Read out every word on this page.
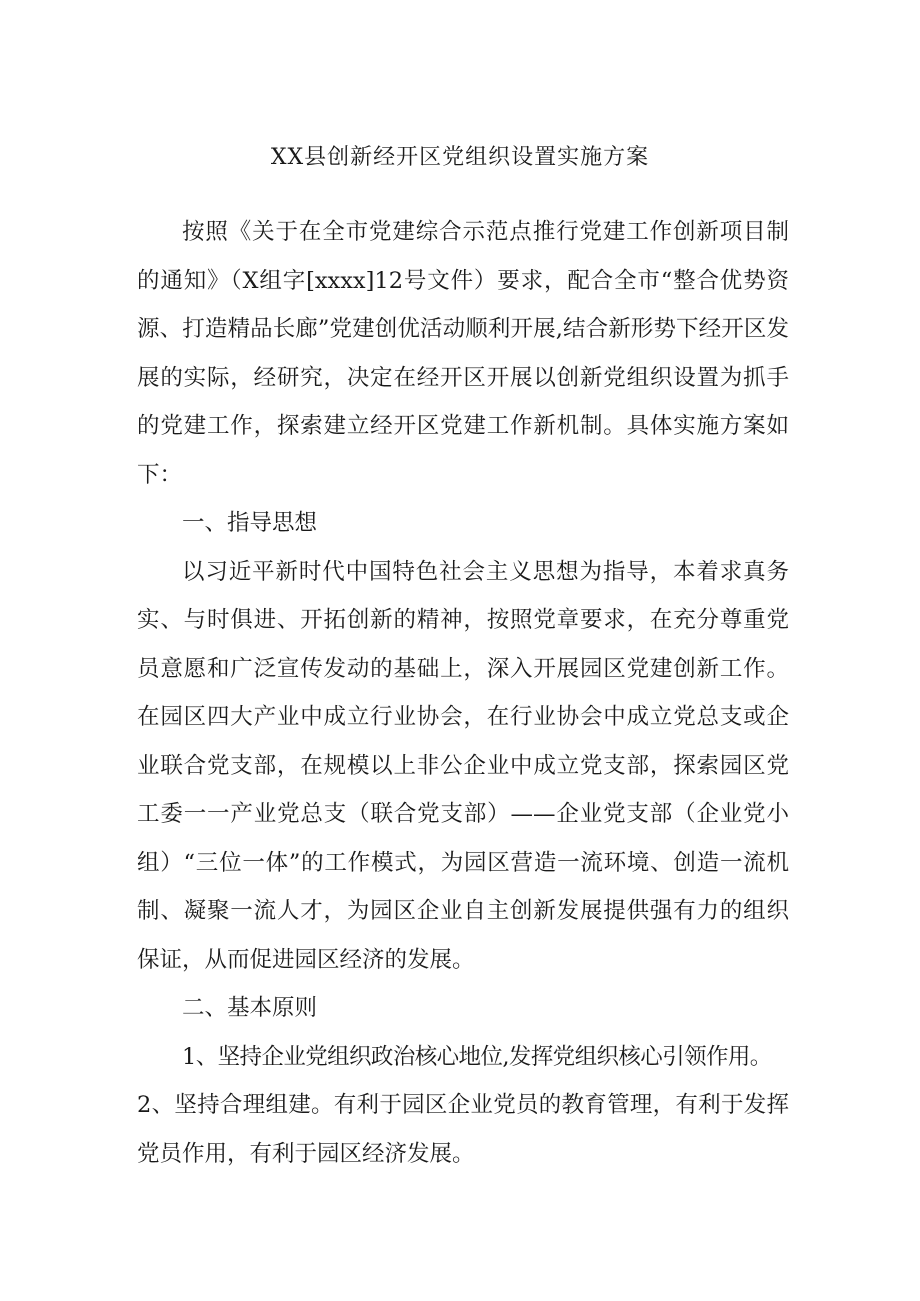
XX县创新经开区党组织设置实施方案

按照《关于在全市党建综合示范点推行党建工作创新项目制的通知》（X组字[xxxx]12号文件）要求，配合全市“整合优势资源、打造精品长廊”党建创优活动顺利开展,结合新形势下经开区发展的实际，经研究，决定在经开区开展以创新党组织设置为抓手的党建工作，探索建立经开区党建工作新机制。具体实施方案如下：

一、指导思想

以习近平新时代中国特色社会主义思想为指导，本着求真务实、与时俱进、开拓创新的精神，按照党章要求，在充分尊重党员意愿和广泛宣传发动的基础上，深入开展园区党建创新工作。在园区四大产业中成立行业协会，在行业协会中成立党总支或企业联合党支部，在规模以上非公企业中成立党支部，探索园区党工委一一产业党总支（联合党支部）——企业党支部（企业党小组）“三位一体”的工作模式，为园区营造一流环境、创造一流机制、凝聚一流人才，为园区企业自主创新发展提供强有力的组织保证，从而促进园区经济的发展。

二、基本原则

1、坚持企业党组织政治核心地位,发挥党组织核心引领作用。

2、坚持合理组建。有利于园区企业党员的教育管理，有利于发挥党员作用，有利于园区经济发展。
